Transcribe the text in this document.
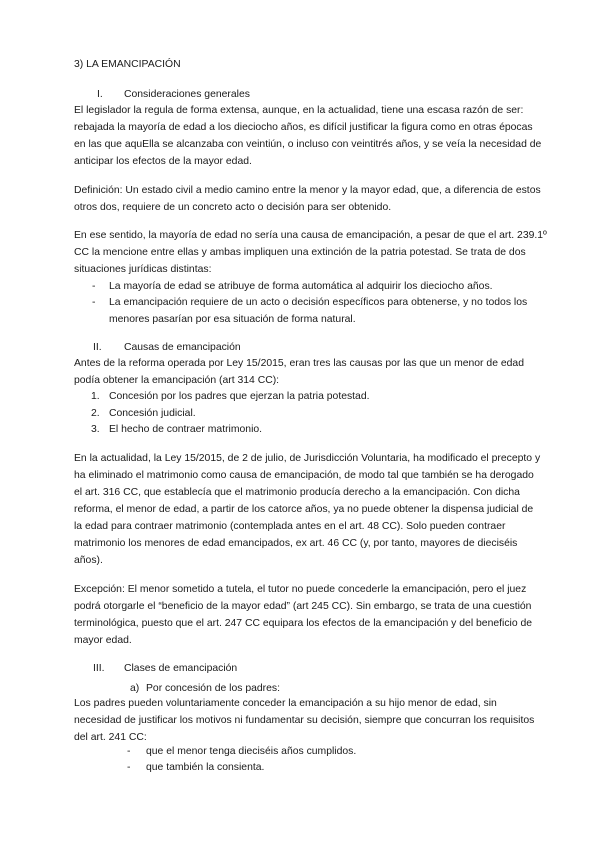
3) LA EMANCIPACIÓN
I. Consideraciones generales
El legislador la regula de forma extensa, aunque, en la actualidad, tiene una escasa razón de ser:
rebajada la mayoría de edad a los dieciocho años, es difícil justificar la figura como en otras épocas
en las que aquElla se alcanzaba con veintiún, o incluso con veintitrés años, y se veía la necesidad de
anticipar los efectos de la mayor edad.
Definición: Un estado civil a medio camino entre la menor y la mayor edad, que, a diferencia de estos
otros dos, requiere de un concreto acto o decisión para ser obtenido.
En ese sentido, la mayoría de edad no sería una causa de emancipación, a pesar de que el art. 239.1º
CC la mencione entre ellas y ambas impliquen una extinción de la patria potestad. Se trata de dos
situaciones jurídicas distintas:
- La mayoría de edad se atribuye de forma automática al adquirir los dieciocho años.
- La emancipación requiere de un acto o decisión específicos para obtenerse, y no todos los
menores pasarían por esa situación de forma natural.
II. Causas de emancipación
Antes de la reforma operada por Ley 15/2015, eran tres las causas por las que un menor de edad
podía obtener la emancipación (art 314 CC):
1. Concesión por los padres que ejerzan la patria potestad.
2. Concesión judicial.
3. El hecho de contraer matrimonio.
En la actualidad, la Ley 15/2015, de 2 de julio, de Jurisdicción Voluntaria, ha modificado el precepto y
ha eliminado el matrimonio como causa de emancipación, de modo tal que también se ha derogado
el art. 316 CC, que establecía que el matrimonio producía derecho a la emancipación. Con dicha
reforma, el menor de edad, a partir de los catorce años, ya no puede obtener la dispensa judicial de
la edad para contraer matrimonio (contemplada antes en el art. 48 CC). Solo pueden contraer
matrimonio los menores de edad emancipados, ex art. 46 CC (y, por tanto, mayores de dieciséis
años).
Excepción: El menor sometido a tutela, el tutor no puede concederle la emancipación, pero el juez
podrá otorgarle el “beneficio de la mayor edad” (art 245 CC). Sin embargo, se trata de una cuestión
terminológica, puesto que el art. 247 CC equipara los efectos de la emancipación y del beneficio de
mayor edad.
III. Clases de emancipación
a) Por concesión de los padres:
Los padres pueden voluntariamente conceder la emancipación a su hijo menor de edad, sin
necesidad de justificar los motivos ni fundamentar su decisión, siempre que concurran los requisitos
del art. 241 CC:
- que el menor tenga dieciséis años cumplidos.
- que también la consienta.
